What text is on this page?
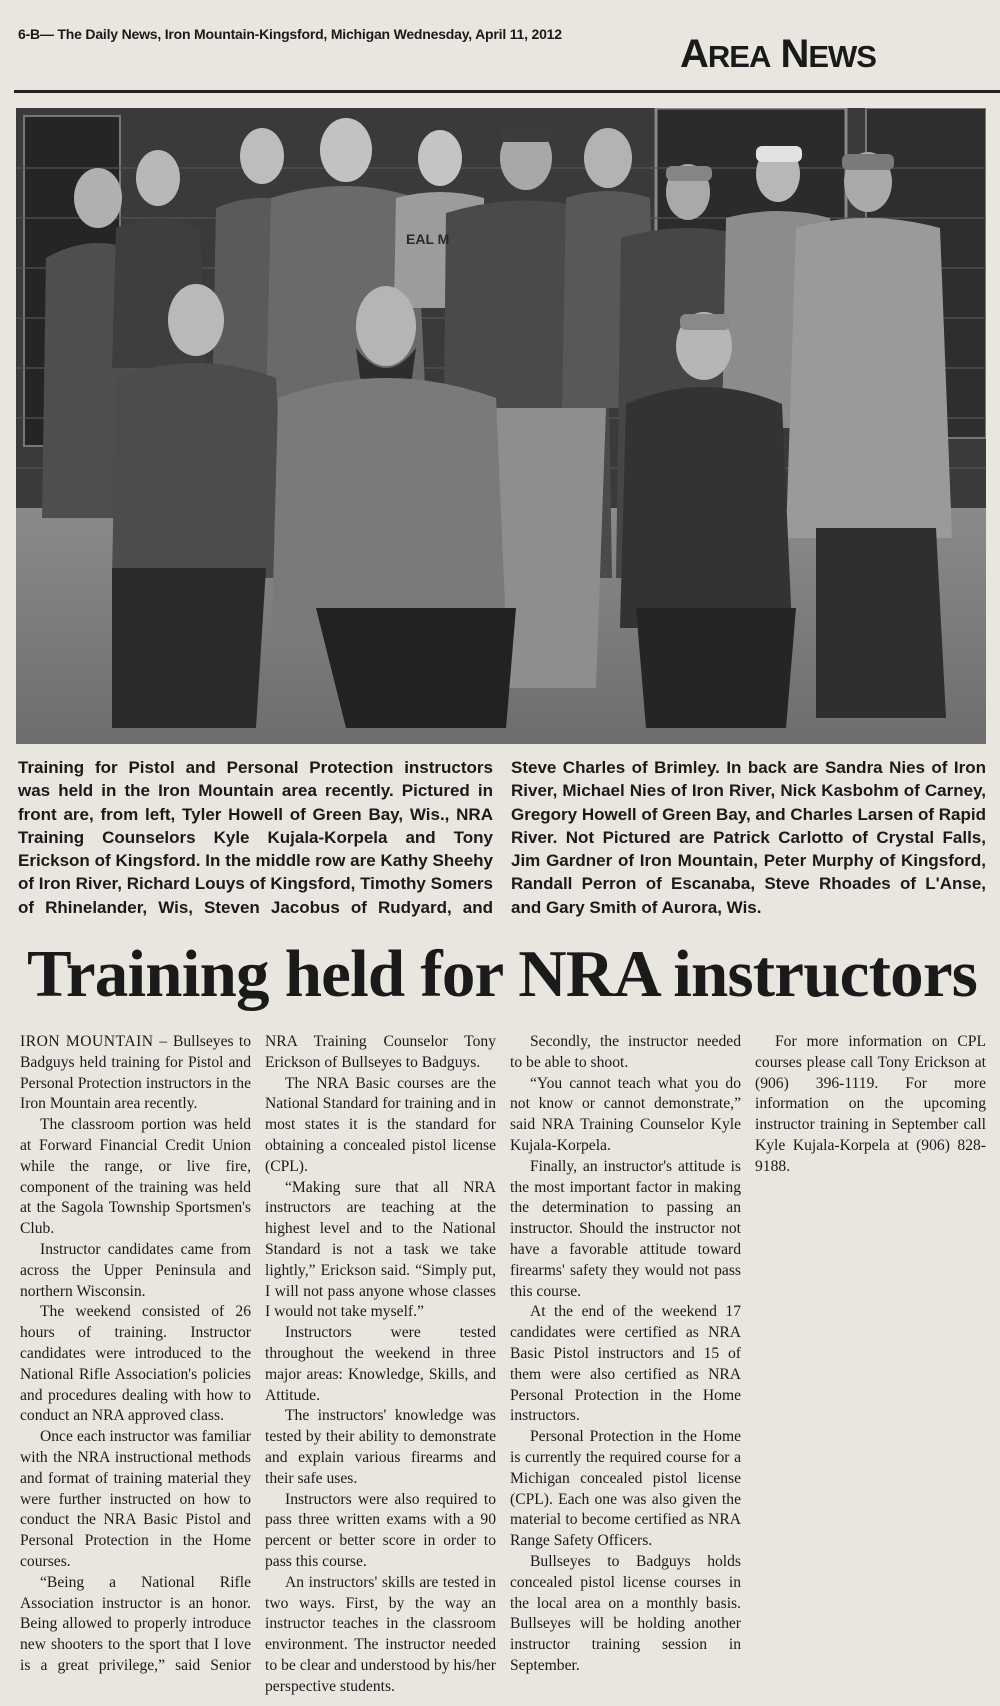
6-B— The Daily News, Iron Mountain-Kingsford, Michigan Wednesday, April 11, 2012	AREA NEWS
EAL M

Training for Pistol and Personal Protection instructors was held in the Iron Mountain area recently. Pictured in front are, from left, Tyler Howell of Green Bay, Wis., NRA Training Counselors Kyle Kujala-Korpela and Tony Erickson of Kingsford. In the middle row are Kathy Sheehy of Iron River, Richard Louys of Kingsford, Timothy Somers of Rhinelander, Wis, Steven Jacobus of Rudyard, and Steve Charles of Brimley. In back are Sandra Nies of Iron River, Michael Nies of Iron River, Nick Kasbohm of Carney, Gregory Howell of Green Bay, and Charles Larsen of Rapid River. Not Pictured are Patrick Carlotto of Crystal Falls, Jim Gardner of Iron Mountain, Peter Murphy of Kingsford, Randall Perron of Escanaba, Steve Rhoades of L'Anse, and Gary Smith of Aurora, Wis.

Training held for NRA instructors

IRON MOUNTAIN – Bullseyes to Badguys held training for Pistol and Personal Protection instructors in the Iron Mountain area recently.

The classroom portion was held at Forward Financial Credit Union while the range, or live fire, component of the training was held at the Sagola Township Sportsmen's Club.

Instructor candidates came from across the Upper Peninsula and northern Wisconsin.

The weekend consisted of 26 hours of training. Instructor candidates were introduced to the National Rifle Association's policies and procedures dealing with how to conduct an NRA approved class.

Once each instructor was familiar with the NRA instructional methods and format of training material they were further instructed on how to conduct the NRA Basic Pistol and Personal Protection in the Home courses.

“Being a National Rifle Association instructor is an honor. Being allowed to properly introduce new shooters to the sport that I love is a great privilege,” said Senior NRA Training Counselor Tony Erickson of Bullseyes to Badguys.

The NRA Basic courses are the National Standard for training and in most states it is the standard for obtaining a concealed pistol license (CPL).

“Making sure that all NRA instructors are teaching at the highest level and to the National Standard is not a task we take lightly,” Erickson said. “Simply put, I will not pass anyone whose classes I would not take myself.”

Instructors were tested throughout the weekend in three major areas: Knowledge, Skills, and Attitude.

The instructors' knowledge was tested by their ability to demonstrate and explain various firearms and their safe uses.

Instructors were also required to pass three written exams with a 90 percent or better score in order to pass this course.

An instructors' skills are tested in two ways. First, by the way an instructor teaches in the classroom environment. The instructor needed to be clear and understood by his/her perspective students.

Secondly, the instructor needed to be able to shoot.

“You cannot teach what you do not know or cannot demonstrate,” said NRA Training Counselor Kyle Kujala-Korpela.

Finally, an instructor's attitude is the most important factor in making the determination to passing an instructor. Should the instructor not have a favorable attitude toward firearms' safety they would not pass this course.

At the end of the weekend 17 candidates were certified as NRA Basic Pistol instructors and 15 of them were also certified as NRA Personal Protection in the Home instructors.

Personal Protection in the Home is currently the required course for a Michigan concealed pistol license (CPL). Each one was also given the material to become certified as NRA Range Safety Officers.

Bullseyes to Badguys holds concealed pistol license courses in the local area on a monthly basis. Bullseyes will be holding another instructor training session in September.

For more information on CPL courses please call Tony Erickson at (906) 396-1119. For more information on the upcoming instructor training in September call Kyle Kujala-Korpela at (906) 828-9188.
